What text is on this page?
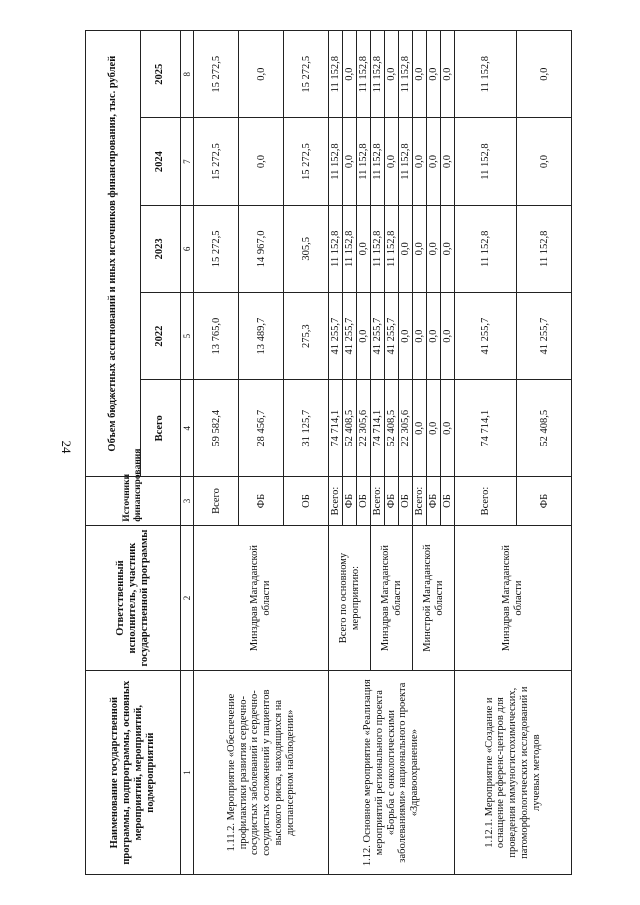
24
Наименование государственной программы, подпрограммы, основных мероприятий, мероприятий, подмероприятий	Ответственный исполнитель, участник государственной программы	Источники финансирования	Объем бюджетных ассигнований и иных источников финансирования, тыс. рублей				
			Всего	2022	2023	2024	2025
1	2	3	4	5	6	7	8
1.11.2. Мероприятие «Обеспечение профилактики развития сердечно-сосудистых заболеваний и сердечно-сосудистых осложнений у пациентов высокого риска, находящихся на диспансерном наблюдении»	Минздрав Магаданской области	Всего	59 582,4	13 765,0	15 272,5	15 272,5	15 272,5
		ФБ	28 456,7	13 489,7	14 967,0	0,0	0,0
		ОБ	31 125,7	275,3	305,5	15 272,5	15 272,5
1.12. Основное мероприятие «Реализация мероприятий регионального проекта «Борьба с онкологическими заболеваниями» национального проекта «Здравоохранение»	Всего по основному мероприятию:	Всего:	74 714,1	41 255,7	11 152,8	11 152,8	11 152,8
		ФБ	52 408,5	41 255,7	11 152,8	0,0	0,0
		ОБ	22 305,6	0,0	0,0	11 152,8	11 152,8
	Минздрав Магаданской области	Всего:	74 714,1	41 255,7	11 152,8	11 152,8	11 152,8
		ФБ	52 408,5	41 255,7	11 152,8	0,0	0,0
		ОБ	22 305,6	0,0	0,0	11 152,8	11 152,8
	Минстрой Магаданской области	Всего:	0,0	0,0	0,0	0,0	0,0
		ФБ	0,0	0,0	0,0	0,0	0,0
		ОБ	0,0	0,0	0,0	0,0	0,0
1.12.1. Мероприятие «Создание и оснащение референс-центров для проведения иммуногистохимических, патоморфологических исследований и лучевых методов	Минздрав Магаданской области	Всего:	74 714,1	41 255,7	11 152,8	11 152,8	11 152,8
		ФБ	52 408,5	41 255,7	11 152,8	0,0	0,0
